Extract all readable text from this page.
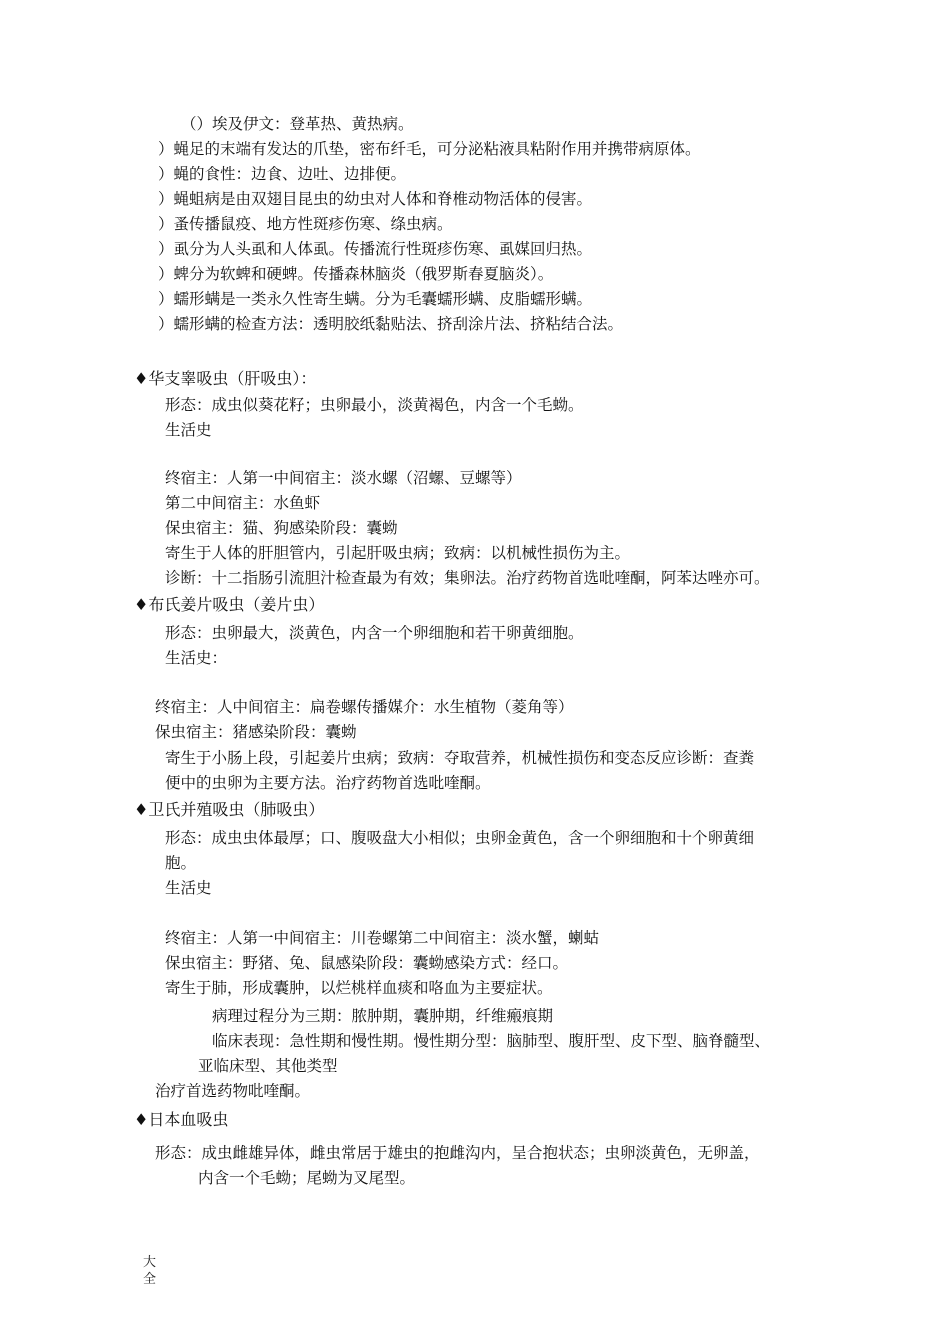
（）埃及伊文：登革热、黄热病。
）蝇足的末端有发达的爪垫，密布纤毛，可分泌粘液具粘附作用并携带病原体。
）蝇的食性：边食、边吐、边排便。
）蝇蛆病是由双翅目昆虫的幼虫对人体和脊椎动物活体的侵害。
）蚤传播鼠疫、地方性斑疹伤寒、绦虫病。
）虱分为人头虱和人体虱。传播流行性斑疹伤寒、虱媒回归热。
）蜱分为软蜱和硬蜱。传播森林脑炎（俄罗斯春夏脑炎）。
）蠕形螨是一类永久性寄生螨。分为毛囊蠕形螨、皮脂蠕形螨。
）蠕形螨的检查方法：透明胶纸黏贴法、挤刮涂片法、挤粘结合法。
♦华支睾吸虫（肝吸虫）：
形态：成虫似葵花籽；虫卵最小，淡黄褐色，内含一个毛蚴。
生活史
终宿主：人第一中间宿主：淡水螺（沼螺、豆螺等）
第二中间宿主：水鱼虾
保虫宿主：猫、狗感染阶段：囊蚴
寄生于人体的肝胆管内，引起肝吸虫病；致病：以机械性损伤为主。
诊断：十二指肠引流胆汁检查最为有效；集卵法。治疗药物首选吡喹酮，阿苯达唑亦可。
♦布氏姜片吸虫（姜片虫）
形态：虫卵最大，淡黄色，内含一个卵细胞和若干卵黄细胞。
生活史：
终宿主：人中间宿主：扁卷螺传播媒介：水生植物（菱角等）
保虫宿主：猪感染阶段：囊蚴
寄生于小肠上段，引起姜片虫病；致病：夺取营养，机械性损伤和变态反应诊断：查粪
便中的虫卵为主要方法。治疗药物首选吡喹酮。
♦卫氏并殖吸虫（肺吸虫）
形态：成虫虫体最厚；口、腹吸盘大小相似；虫卵金黄色，含一个卵细胞和十个卵黄细
胞。
生活史
终宿主：人第一中间宿主：川卷螺第二中间宿主：淡水蟹，蝲蛄
保虫宿主：野猪、兔、鼠感染阶段：囊蚴感染方式：经口。
寄生于肺，形成囊肿，以烂桃样血痰和咯血为主要症状。
病理过程分为三期：脓肿期，囊肿期，纤维瘢痕期
临床表现：急性期和慢性期。慢性期分型：脑肺型、腹肝型、皮下型、脑脊髓型、
亚临床型、其他类型
治疗首选药物吡喹酮。
♦日本血吸虫
形态：成虫雌雄异体，雌虫常居于雄虫的抱雌沟内，呈合抱状态；虫卵淡黄色，无卵盖，
内含一个毛蚴；尾蚴为叉尾型。
大
全
